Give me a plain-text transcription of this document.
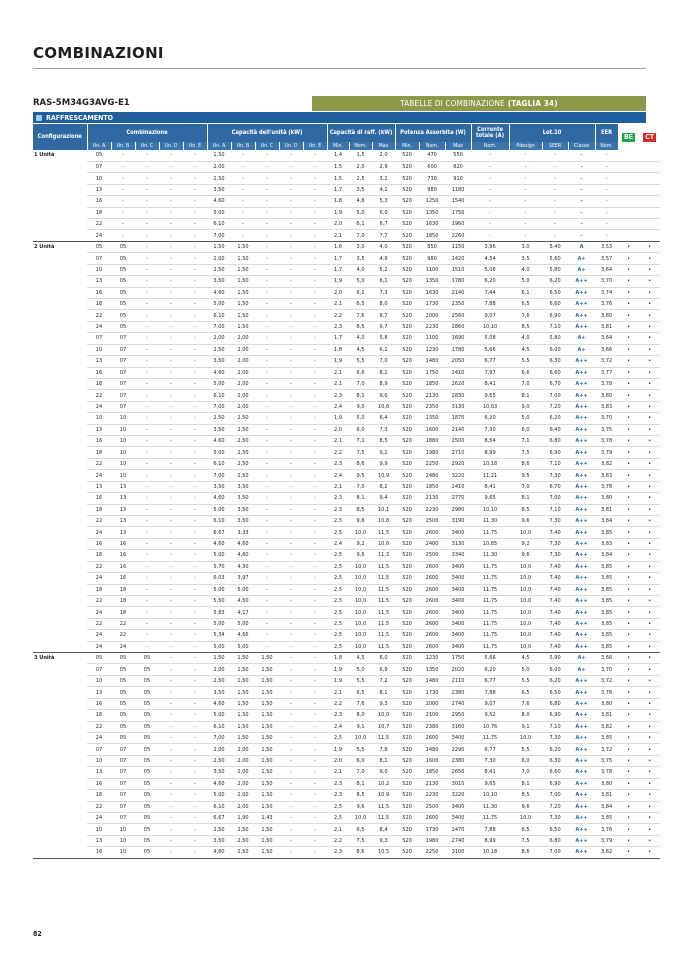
COMBINAZIONI
RAS-5M34G3AVG-E1	TABELLE DI COMBINAZIONE (TAGLIA 34)
RAFFRESCAMENTO
Configurazione	Combinazione					Capacità dell'unità (kW)					Capacità di raff. (kW)			Potenza Assorbita (W)			Corrente totale (A)	Lot.10			EER	BE	CT
	Un. A	Un. B	Un. C	Un. D	Un. E	Un. A	Un. B	Un. C	Un. D	Un. E	Min.	Nom.	Max	Min.	Nom.	Max	Nom.	Pdesign	SEER	Classe	Nom.		
1 Unità	05	-	-	-	-	1,50	-	-	-	-	1,4	1,5	2,0	520	470	550	-	-	-	-	-		
	07	-	-	-	-	2,00	-	-	-	-	1,5	2,0	2,9	520	600	820	-	-	-	-	-		
	10	-	-	-	-	2,50	-	-	-	-	1,5	2,5	3,2	520	730	910	-	-	-	-	-		
	13	-	-	-	-	3,50	-	-	-	-	1,7	3,5	4,1	520	980	1180	-	-	-	-	-		
	16	-	-	-	-	4,60	-	-	-	-	1,8	4,6	5,3	520	1250	1540	-	-	-	-	-		
	18	-	-	-	-	5,00	-	-	-	-	1,9	5,0	6,0	520	1350	1750	-	-	-	-	-		
	22	-	-	-	-	6,10	-	-	-	-	2,0	6,1	6,7	520	1630	1960	-	-	-	-	-		
	24	-	-	-	-	7,00	-	-	-	-	2,1	7,0	7,7	520	1850	2260	-	-	-	-	-		
2 Unità	05	05	-	-	-	1,50	1,50	-	-	-	1,6	3,0	4,0	520	850	1150	3,96	3,0	5,40	A	3,53	•	•
	07	05	-	-	-	2,00	1,50	-	-	-	1,7	3,5	4,9	520	980	1420	4,54	3,5	5,60	A+	3,57	•	•
	10	05	-	-	-	2,50	1,50	-	-	-	1,7	4,0	5,2	520	1100	1510	5,08	4,0	5,80	A+	3,64	•	•
	13	05	-	-	-	3,50	1,50	-	-	-	1,9	5,0	6,1	520	1350	1780	6,20	5,0	6,20	A++	3,70	•	•
	16	05	-	-	-	4,60	1,50	-	-	-	2,0	6,1	7,3	520	1630	2140	7,44	6,1	6,50	A++	3,74	•	•
	18	05	-	-	-	5,00	1,50	-	-	-	2,1	6,5	8,0	520	1730	2350	7,88	6,5	6,60	A++	3,76	•	•
	22	05	-	-	-	6,10	1,50	-	-	-	2,2	7,6	8,7	520	2000	2560	9,07	7,6	6,90	A++	3,80	•	•
	24	05	-	-	-	7,00	1,50	-	-	-	2,3	8,5	9,7	520	2230	2860	10,10	8,5	7,10	A++	3,81	•	•
	07	07	-	-	-	2,00	2,00	-	-	-	1,7	4,0	5,8	520	1100	1690	5,08	4,0	5,80	A+	3,64	•	•
	10	07	-	-	-	2,50	2,00	-	-	-	1,8	4,5	6,1	520	1230	1780	5,66	4,5	6,00	A+	3,66	•	•
	13	07	-	-	-	3,50	2,00	-	-	-	1,9	5,5	7,0	520	1480	2050	6,77	5,5	6,30	A++	3,72	•	•
	16	07	-	-	-	4,60	2,00	-	-	-	2,1	6,6	8,2	520	1750	2410	7,97	6,6	6,60	A++	3,77	•	•
	18	07	-	-	-	5,00	2,00	-	-	-	2,1	7,0	8,9	520	1850	2620	8,41	7,0	6,70	A++	3,78	•	•
	22	07	-	-	-	6,10	2,00	-	-	-	2,3	8,1	9,6	520	2130	2830	9,65	8,1	7,00	A++	3,80	•	•
	24	07	-	-	-	7,00	2,00	-	-	-	2,4	9,0	10,6	520	2350	3130	10,63	9,0	7,20	A++	3,83	•	•
	10	10	-	-	-	2,50	2,50	-	-	-	1,9	5,0	6,4	520	1350	1870	6,20	5,0	6,20	A++	3,70	•	•
	13	10	-	-	-	3,50	2,50	-	-	-	2,0	6,0	7,3	520	1600	2140	7,30	6,0	6,40	A++	3,75	•	•
	16	10	-	-	-	4,60	2,50	-	-	-	2,1	7,1	8,5	520	1880	2500	8,54	7,1	6,80	A++	3,78	•	•
	18	10	-	-	-	5,00	2,50	-	-	-	2,2	7,5	9,2	520	1980	2710	8,99	7,5	6,90	A++	3,79	•	•
	22	10	-	-	-	6,10	2,50	-	-	-	2,3	8,6	9,9	520	2250	2920	10,18	8,6	7,10	A++	3,82	•	•
	24	10	-	-	-	7,00	2,50	-	-	-	2,4	9,5	10,9	520	2480	3220	11,21	9,5	7,30	A++	3,83	•	•
	13	13	-	-	-	3,50	3,50	-	-	-	2,1	7,0	8,2	520	1850	2410	8,41	7,0	6,70	A++	3,78	•	•
	16	13	-	-	-	4,60	3,50	-	-	-	2,3	8,1	9,4	520	2130	2770	9,65	8,1	7,00	A++	3,80	•	•
	18	13	-	-	-	5,00	3,50	-	-	-	2,3	8,5	10,1	520	2230	2980	10,10	8,5	7,10	A++	3,81	•	•
	22	13	-	-	-	6,10	3,50	-	-	-	2,5	9,6	10,8	520	2500	3190	11,30	9,6	7,30	A++	3,84	•	•
	24	13	-	-	-	6,67	3,33	-	-	-	2,5	10,0	11,5	520	2600	3400	11,75	10,0	7,40	A++	3,85	•	•
	16	16	-	-	-	4,60	4,60	-	-	-	2,4	9,2	10,6	520	2400	3130	10,85	9,2	7,30	A++	3,83	•	•
	18	16	-	-	-	5,00	4,60	-	-	-	2,5	9,6	11,3	520	2500	3340	11,30	9,6	7,30	A++	3,84	•	•
	22	16	-	-	-	5,70	4,30	-	-	-	2,5	10,0	11,5	520	2600	3400	11,75	10,0	7,40	A++	3,85	•	•
	24	16	-	-	-	6,03	3,97	-	-	-	2,5	10,0	11,5	520	2600	3400	11,75	10,0	7,40	A++	3,85	•	•
	18	18	-	-	-	5,00	5,00	-	-	-	2,5	10,0	11,5	520	2600	3400	11,75	10,0	7,40	A++	3,85	•	•
	22	18	-	-	-	5,50	4,50	-	-	-	2,5	10,0	11,5	520	2600	3400	11,75	10,0	7,40	A++	3,85	•	•
	24	18	-	-	-	5,83	4,17	-	-	-	2,5	10,0	11,5	520	2600	3400	11,75	10,0	7,40	A++	3,85	•	•
	22	22	-	-	-	5,00	5,00	-	-	-	2,5	10,0	11,5	520	2600	3400	11,75	10,0	7,40	A++	3,85	•	•
	24	22	-	-	-	5,34	4,66	-	-	-	2,5	10,0	11,5	520	2600	3400	11,75	10,0	7,40	A++	3,85	•	•
	24	24	-	-	-	5,00	5,00	-	-	-	2,5	10,0	11,5	520	2600	3400	11,75	10,0	7,40	A++	3,85	•	•
3 Unità	05	05	05	-	-	1,50	1,50	1,50	-	-	1,8	4,5	6,0	520	1230	1750	5,66	4,5	5,90	A+	3,66	•	•
	07	05	05	-	-	2,00	1,50	1,50	-	-	1,9	5,0	6,9	520	1350	2020	6,20	5,0	6,00	A+	3,70	•	•
	10	05	05	-	-	2,50	1,50	1,50	-	-	1,9	5,5	7,2	520	1480	2110	6,77	5,5	6,20	A++	3,72	•	•
	13	05	05	-	-	3,50	1,50	1,50	-	-	2,1	6,5	8,1	520	1730	2380	7,88	6,5	6,50	A++	3,76	•	•
	16	05	05	-	-	4,60	1,50	1,50	-	-	2,2	7,6	9,3	520	2000	2740	9,07	7,6	6,80	A++	3,80	•	•
	18	05	05	-	-	5,00	1,50	1,50	-	-	2,3	8,0	10,0	520	2100	2950	9,52	8,0	6,90	A++	3,81	•	•
	22	05	05	-	-	6,10	1,50	1,50	-	-	2,4	9,1	10,7	520	2380	3160	10,76	9,1	7,10	A++	3,82	•	•
	24	05	05	-	-	7,00	1,50	1,50	-	-	2,5	10,0	11,5	520	2600	3400	11,75	10,0	7,30	A++	3,85	•	•
	07	07	05	-	-	2,00	2,00	1,50	-	-	1,9	5,5	7,8	520	1480	2290	6,77	5,5	6,20	A++	3,72	•	•
	10	07	05	-	-	2,50	2,00	1,50	-	-	2,0	6,0	8,1	520	1600	2380	7,30	6,0	6,30	A++	3,75	•	•
	13	07	05	-	-	3,50	2,00	1,50	-	-	2,1	7,0	9,0	520	1850	2650	8,41	7,0	6,60	A++	3,78	•	•
	16	07	05	-	-	4,60	2,00	1,50	-	-	2,3	8,1	10,2	520	2130	3010	9,65	8,1	6,90	A++	3,80	•	•
	18	07	05	-	-	5,00	2,00	1,50	-	-	2,3	8,5	10,9	520	2230	3220	10,10	8,5	7,00	A++	3,81	•	•
	22	07	05	-	-	6,10	2,00	1,50	-	-	2,5	9,6	11,5	520	2500	3400	11,30	9,6	7,20	A++	3,84	•	•
	24	07	05	-	-	6,67	1,90	1,43	-	-	2,5	10,0	11,5	520	2600	3400	11,75	10,0	7,30	A++	3,85	•	•
	10	10	05	-	-	2,50	2,50	1,50	-	-	2,1	6,5	8,4	520	1730	2470	7,88	6,5	6,50	A++	3,76	•	•
	13	10	05	-	-	3,50	2,50	1,50	-	-	2,2	7,5	9,3	520	1980	2740	8,99	7,5	6,80	A++	3,79	•	•
	16	10	05	-	-	4,60	2,50	1,50	-	-	2,3	8,6	10,5	520	2250	3100	10,18	8,6	7,00	A++	3,82	•	•
82
